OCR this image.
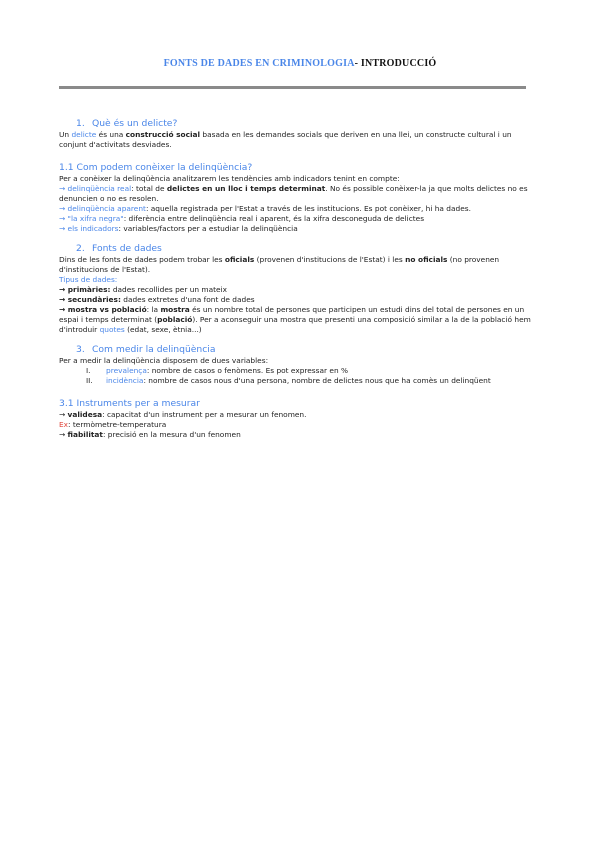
FONTS DE DADES EN CRIMINOLOGIA- INTRODUCCIÓ
1. Què és un delicte?

Un delicte és una construcció social basada en les demandes socials que deriven en una llei, un constructe cultural i un conjunt d'activitats desviades.

1.1 Com podem conèixer la delinqüència?

Per a conèixer la delinqüència analitzarem les tendències amb indicadors tenint en compte:

→ delinqüència real: total de delictes en un lloc i temps determinat. No és possible conèixer-la ja que molts delictes no es denuncien o no es resolen.

→ delinqüència aparent: aquella registrada per l'Estat a través de les institucions. Es pot conèixer, hi ha dades.

→ "la xifra negra": diferència entre delinqüència real i aparent, és la xifra desconeguda de delictes

→ els indicadors: variables/factors per a estudiar la delinqüència

2. Fonts de dades

Dins de les fonts de dades podem trobar les oficials (provenen d'institucions de l'Estat) i les no oficials (no provenen d'institucions de l'Estat).

Tipus de dades:

→ primàries: dades recollides per un mateix

→ secundàries: dades extretes d'una font de dades

→ mostra vs població: la mostra és un nombre total de persones que participen un estudi dins del total de persones en un espai i temps determinat (població). Per a aconseguir una mostra que presenti una composició similar a la de la població hem d'introduir quotes (edat, sexe, ètnia...)

3. Com medir la delinqüència

Per a medir la delinqüència disposem de dues variables:

I.	prevalença: nombre de casos o fenòmens. Es pot expressar en %
II.	incidència: nombre de casos nous d'una persona, nombre de delictes nous que ha comès un delinqüent
3.1 Instruments per a mesurar

→ validesa: capacitat d'un instrument per a mesurar un fenomen.

Ex: termòmetre-temperatura

→ fiabilitat: precisió en la mesura d'un fenomen
